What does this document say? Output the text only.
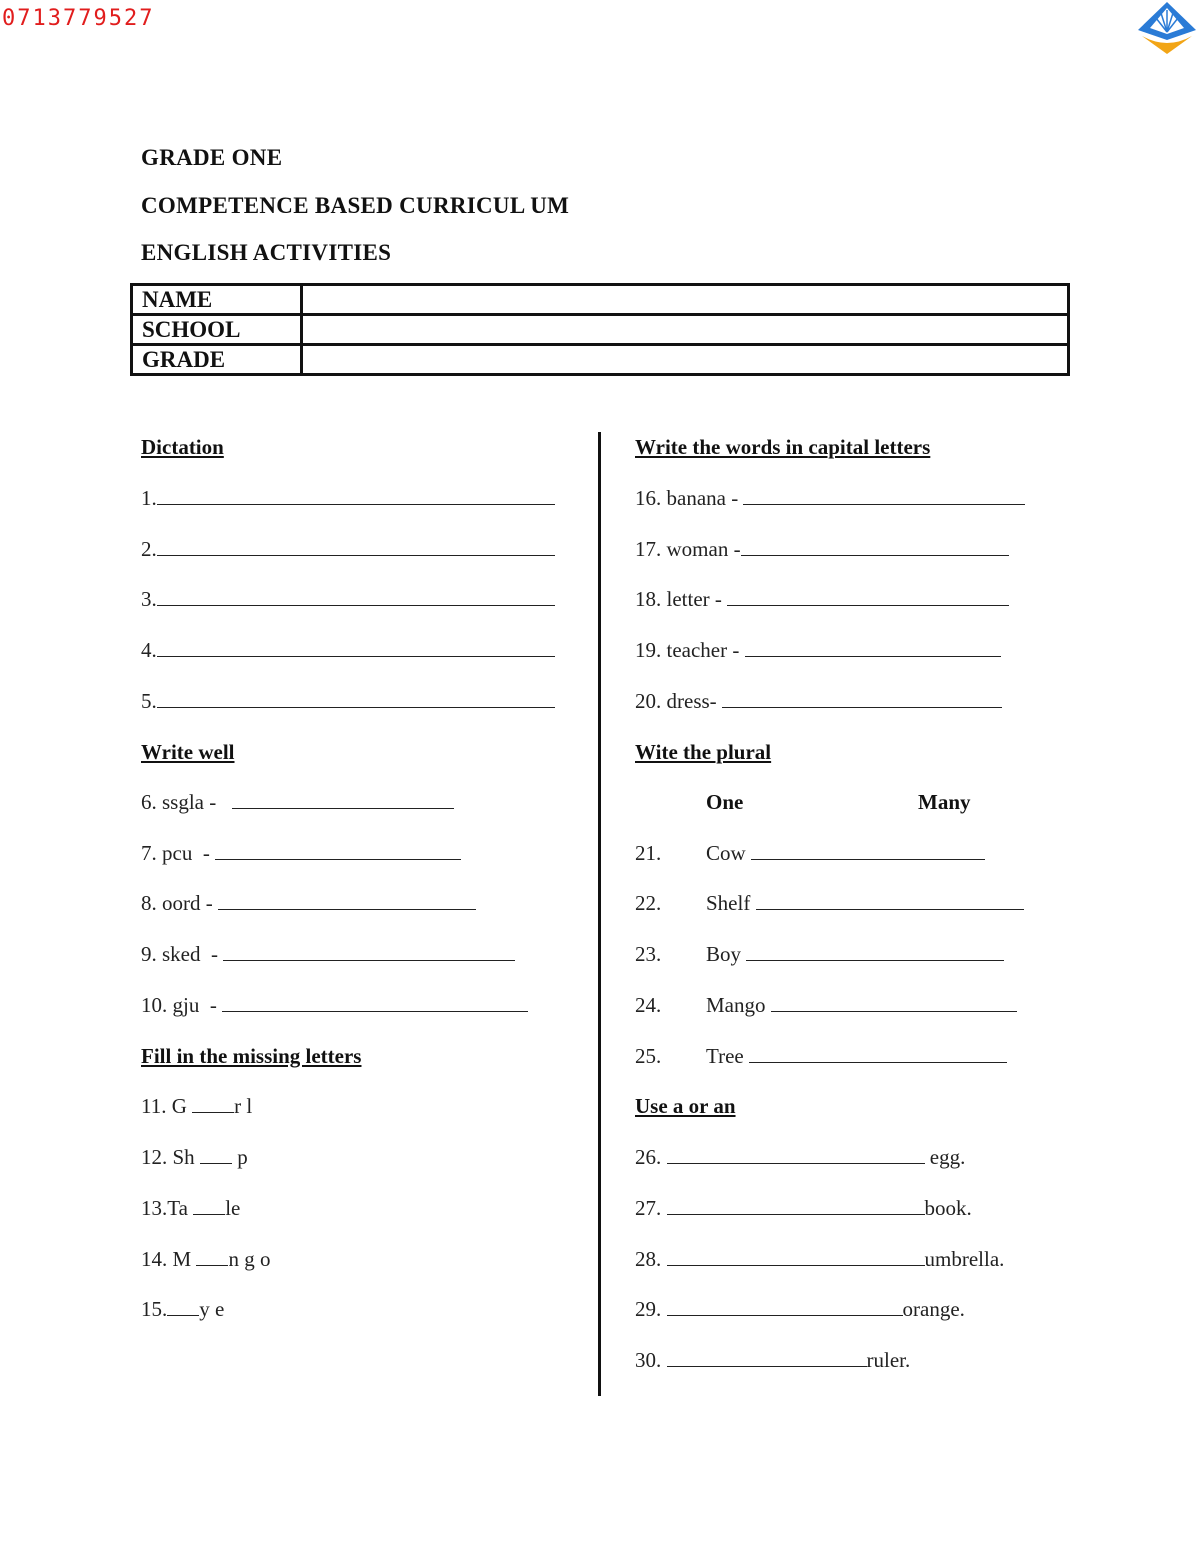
0713779527
GRADE ONE
COMPETENCE BASED CURRICUL UM
ENGLISH ACTIVITIES
NAME	
SCHOOL	
GRADE	
Dictation
1.
2.
3.
4.
5.
Write well
6. ssgla -
7. pcu  -
8. oord -
9. sked  -
10. gju  -
Fill in the missing letters
11. G r l
12. Sh  p
13.Ta le
14. M n g o
15. y e
Write the words in capital letters
16. banana -
17. woman -
18. letter -
19. teacher -
20. dress-
Wite the plural
One	Many
21. Cow
22. Shelf
23. Boy
24. Mango
25. Tree
Use a or an
26.	egg.
27.	book.
28.	umbrella.
29.	orange.
30.	ruler.
